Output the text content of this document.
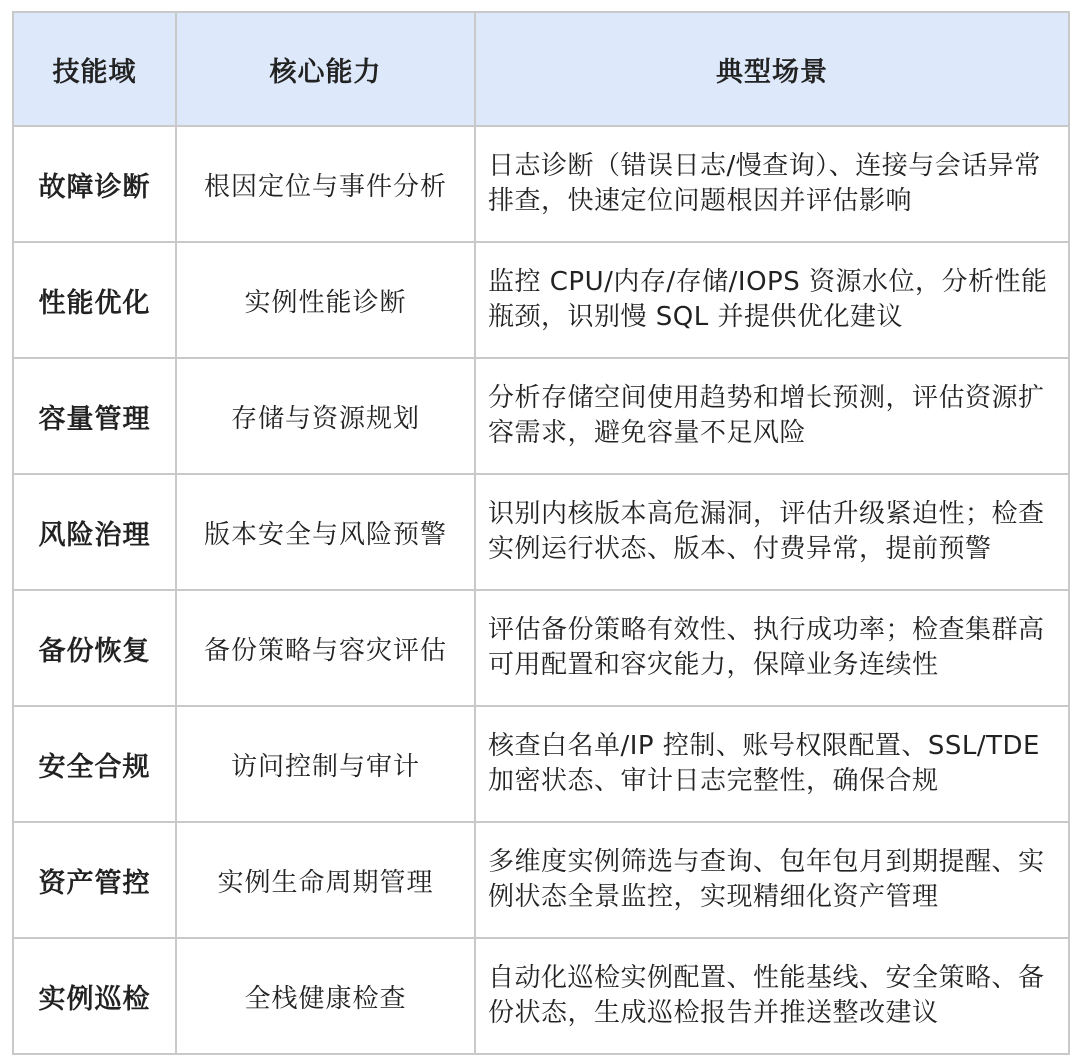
技能域	核心能力	典型场景
故障诊断	根因定位与事件分析	日志诊断（错误日志/慢查询）、连接与会话异常排查，快速定位问题根因并评估影响
性能优化	实例性能诊断	监控 CPU/内存/存储/IOPS 资源水位，分析性能瓶颈，识别慢 SQL 并提供优化建议
容量管理	存储与资源规划	分析存储空间使用趋势和增长预测，评估资源扩容需求，避免容量不足风险
风险治理	版本安全与风险预警	识别内核版本高危漏洞，评估升级紧迫性；检查实例运行状态、版本、付费异常，提前预警
备份恢复	备份策略与容灾评估	评估备份策略有效性、执行成功率；检查集群高可用配置和容灾能力，保障业务连续性
安全合规	访问控制与审计	核查白名单/IP 控制、账号权限配置、SSL/TDE 加密状态、审计日志完整性，确保合规
资产管控	实例生命周期管理	多维度实例筛选与查询、包年包月到期提醒、实例状态全景监控，实现精细化资产管理
实例巡检	全栈健康检查	自动化巡检实例配置、性能基线、安全策略、备份状态，生成巡检报告并推送整改建议
